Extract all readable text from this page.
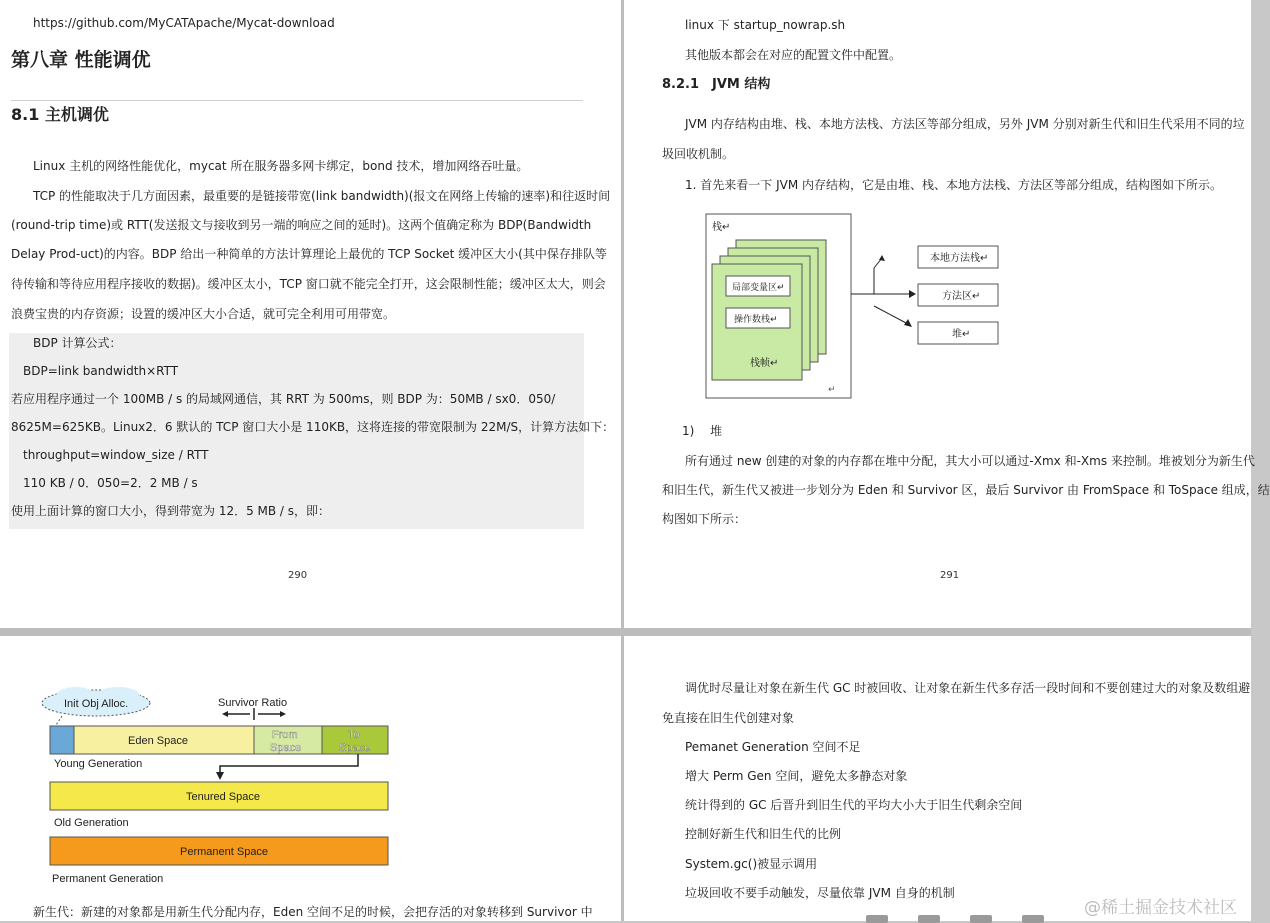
https://github.com/MyCATApache/Mycat-download
第八章 性能调优
8.1 主机调优
Linux 主机的网络性能优化，mycat 所在服务器多网卡绑定，bond 技术，增加网络吞吐量。
TCP 的性能取决于几方面因素，最重要的是链接带宽(link bandwidth)(报文在网络上传输的速率)和往返时间
(round-trip time)或 RTT(发送报文与接收到另一端的响应之间的延时)。这两个值确定称为 BDP(Bandwidth
Delay Prod-uct)的内容。BDP 给出一种简单的方法计算理论上最优的 TCP Socket 缓冲区大小(其中保存排队等
待传输和等待应用程序接收的数据)。缓冲区太小，TCP 窗口就不能完全打开，这会限制性能；缓冲区太大，则会
浪费宝贵的内存资源；设置的缓冲区大小合适，就可完全利用可用带宽。
BDP 计算公式：
BDP=link bandwidth×RTT
若应用程序通过一个 100MB / s 的局域网通信，其 RRT 为 500ms，则 BDP 为：50MB / sx0．050/
8625M=625KB。Linux2．6 默认的 TCP 窗口大小是 110KB，这将连接的带宽限制为 22M/S，计算方法如下：
throughput=window_size / RTT
110 KB / 0．050=2．2 MB / s
使用上面计算的窗口大小，得到带宽为 12．5 MB / s，即：
290
linux 下 startup_nowrap.sh
其他版本都会在对应的配置文件中配置。
8.2.1　JVM 结构
JVM 内存结构由堆、栈、本地方法栈、方法区等部分组成，另外 JVM 分别对新生代和旧生代采用不同的垃
圾回收机制。
1. 首先来看一下 JVM 内存结构，它是由堆、栈、本地方法栈、方法区等部分组成，结构图如下所示。
栈↵
局部变量区↵
操作数栈↵
栈帧↵
↵
本地方法栈↵
方法区↵
堆↵
1)　 堆
所有通过 new 创建的对象的内存都在堆中分配，其大小可以通过-Xmx 和-Xms 来控制。堆被划分为新生代
和旧生代，新生代又被进一步划分为 Eden 和 Survivor 区，最后 Survivor 由 FromSpace 和 ToSpace 组成，结
构图如下所示：
291
Init Obj Alloc.	Survivor Ratio
Eden Space	From
Space
To
Space
Young Generation
Tenured Space
Old Generation
Permanent Space
Permanent Generation
新生代：新建的对象都是用新生代分配内存，Eden 空间不足的时候，会把存活的对象转移到 Survivor 中
调优时尽量让对象在新生代 GC 时被回收、让对象在新生代多存活一段时间和不要创建过大的对象及数组避
免直接在旧生代创建对象
Pemanet Generation 空间不足
增大 Perm Gen 空间，避免太多静态对象
统计得到的 GC 后晋升到旧生代的平均大小大于旧生代剩余空间
控制好新生代和旧生代的比例
System.gc()被显示调用
垃圾回收不要手动触发，尽量依靠 JVM 自身的机制
@稀土掘金技术社区
